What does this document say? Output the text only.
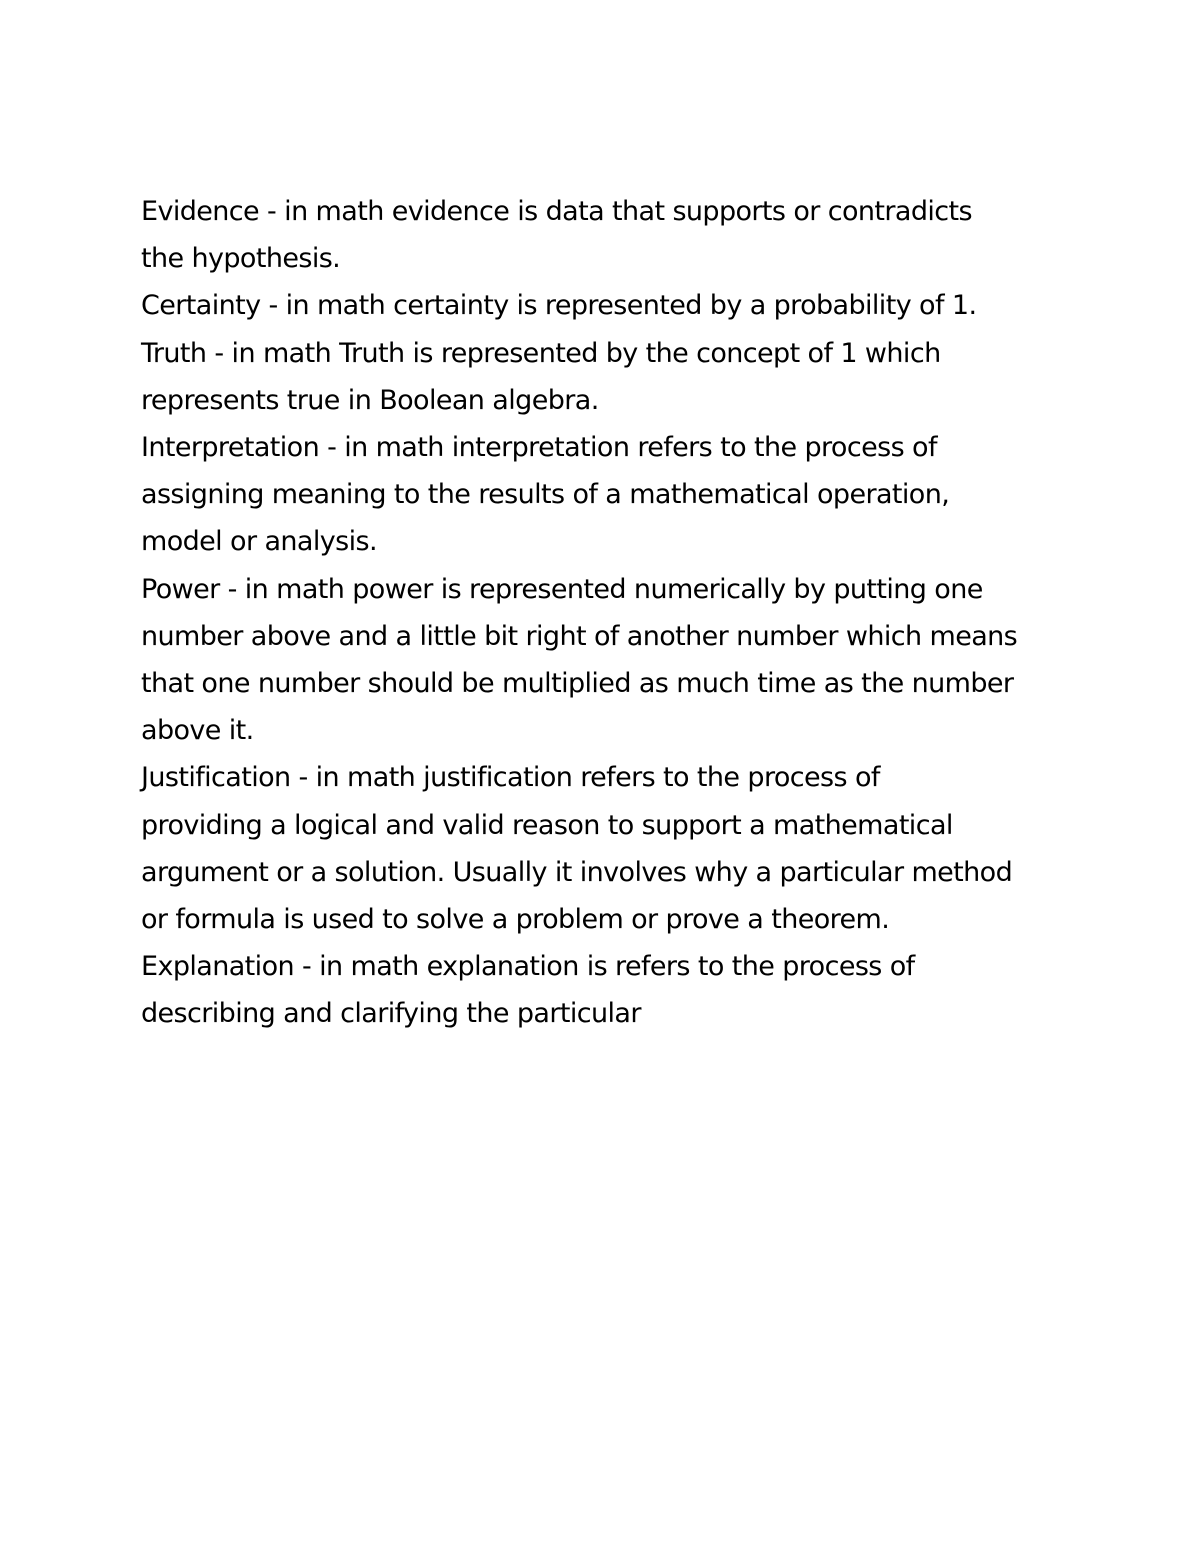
Evidence - in math evidence is data that supports or contradicts
the hypothesis.
Certainty - in math certainty is represented by a probability of 1.
Truth - in math Truth is represented by the concept of 1 which
represents true in Boolean algebra.
Interpretation - in math interpretation refers to the process of
assigning meaning to the results of a mathematical operation,
model or analysis.
Power - in math power is represented numerically by putting one
number above and a little bit right of another number which means
that one number should be multiplied as much time as the number
above it.
Justification - in math justification refers to the process of
providing a logical and valid reason to support a mathematical
argument or a solution. Usually it involves why a particular method
or formula is used to solve a problem or prove a theorem.
Explanation - in math explanation is refers to the process of
describing and clarifying the particular
